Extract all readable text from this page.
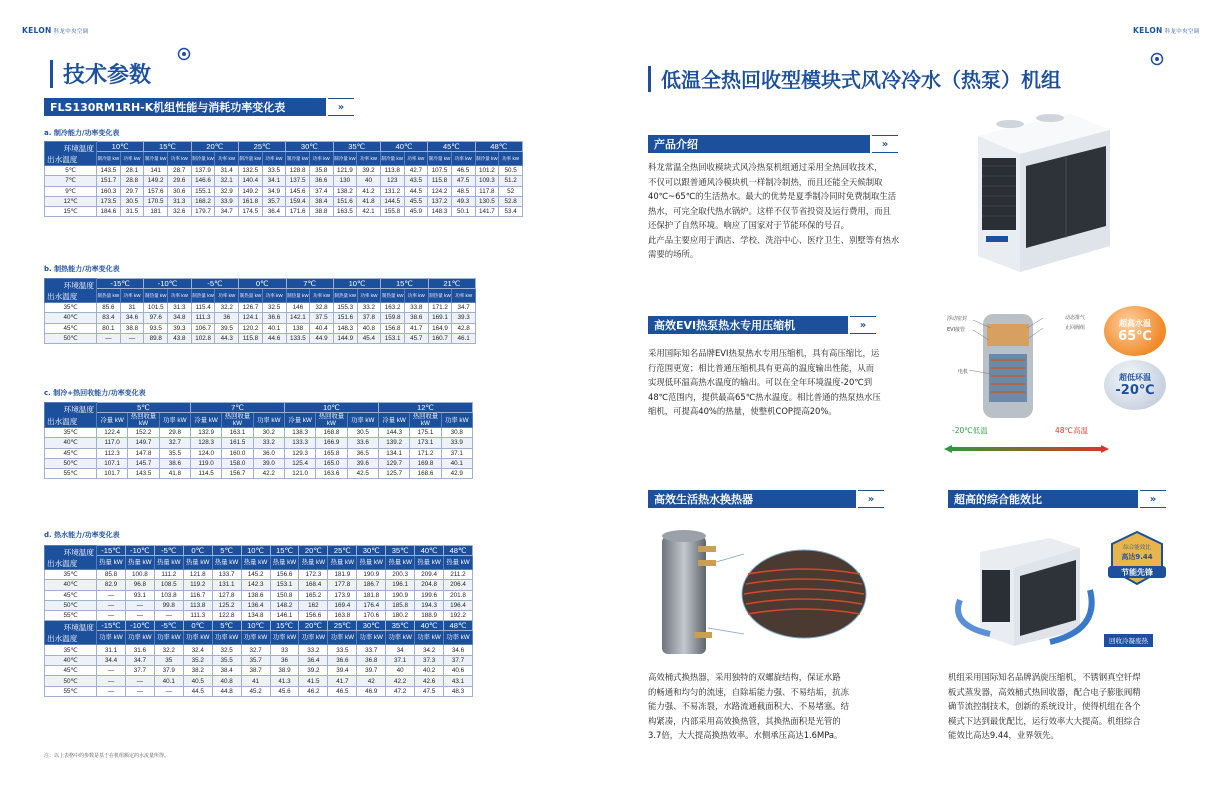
KELON 科龙中央空调	KELON 科龙中央空调
技术参数
FLS130RM1RH-K机组性能与消耗功率变化表	»
a. 制冷能力/功率变化表
环境温度
出水温度	10℃		15℃		20℃		25℃		30℃		35℃		40℃		45℃		48℃	
	制冷量 kW	功率 kW	制冷量 kW	功率 kW	制冷量 kW	功率 kW	制冷量 kW	功率 kW	制冷量 kW	功率 kW	制冷量 kW	功率 kW	制冷量 kW	功率 kW	制冷量 kW	功率 kW	制冷量 kW	功率 kW
5℃	143.5	28.1	141	28.7	137.9	31.4	132.5	33.5	128.8	35.8	121.9	39.2	113.8	42.7	107.5	46.5	101.2	50.5
7℃	151.7	28.8	149.2	29.6	146.6	32.1	140.4	34.1	137.5	36.6	130	40	123	43.5	115.8	47.5	109.3	51.2
9℃	160.3	29.7	157.6	30.6	155.1	32.9	149.2	34.9	145.6	37.4	138.2	41.2	131.2	44.5	124.2	48.5	117.8	52
12℃	173.5	30.5	170.5	31.3	168.2	33.9	161.8	35.7	159.4	38.4	151.6	41.8	144.5	45.5	137.2	49.3	130.5	52.8
15℃	184.6	31.5	181	32.6	179.7	34.7	174.5	36.4	171.6	38.8	163.5	42.1	155.8	45.9	148.3	50.1	141.7	53.4
b. 制热能力/功率变化表
环境温度
出水温度	-15℃		-10℃		-5℃		0℃		7℃		10℃		15℃		21℃	
	制热量 kW	功率 kW	制热量 kW	功率 kW	制热量 kW	功率 kW	制热量 kW	功率 kW	制热量 kW	功率 kW	制热量 kW	功率 kW	制热量 kW	功率 kW	制热量 kW	功率 kW
35℃	85.6	31	101.5	31.3	115.4	32.2	126.7	32.5	146	32.8	155.3	33.2	163.2	33.8	171.2	34.7
40℃	83.4	34.6	97.6	34.8	111.3	36	124.1	36.6	142.1	37.5	151.6	37.8	159.8	38.6	169.1	39.3
45℃	80.1	38.8	93.5	39.3	106.7	39.5	120.2	40.1	138	40.4	148.3	40.8	156.8	41.7	164.9	42.8
50℃	—	—	89.8	43.8	102.8	44.3	115.8	44.6	133.5	44.9	144.9	45.4	153.1	45.7	160.7	46.1
c. 制冷+热回收能力/功率变化表
环境温度
出水温度	5℃			7℃			10℃			12℃		
	冷量 kW	热回收量 kW	功率 kW	冷量 kW	热回收量 kW	功率 kW	冷量 kW	热回收量 kW	功率 kW	冷量 kW	热回收量 kW	功率 kW
35℃	122.4	152.2	29.8	132.9	163.1	30.2	138.3	168.8	30.5	144.3	175.1	30.8
40℃	117.0	149.7	32.7	128.3	161.5	33.2	133.3	166.9	33.6	139.2	173.1	33.9
45℃	112.3	147.8	35.5	124.0	160.0	36.0	129.3	165.8	36.5	134.1	171.2	37.1
50℃	107.1	145.7	38.6	119.0	158.0	39.0	125.4	165.0	39.6	129.7	169.8	40.1
55℃	101.7	143.5	41.8	114.5	156.7	42.2	121.0	163.6	42.5	125.7	168.6	42.9
d. 热水能力/功率变化表
环境温度
出水温度	-15℃	-10℃	-5℃	0℃	5℃	10℃	15℃	20℃	25℃	30℃	35℃	40℃	48℃
	热量 kW	热量 kW	热量 kW	热量 kW	热量 kW	热量 kW	热量 kW	热量 kW	热量 kW	热量 kW	热量 kW	热量 kW	热量 kW
35℃	85.8	100.8	111.2	121.8	133.7	145.2	156.6	172.3	181.9	190.9	200.3	209.4	211.2
40℃	82.9	96.8	108.5	119.2	131.1	142.3	153.1	168.4	177.8	186.7	196.1	204.8	206.4
45℃	—	93.1	103.8	116.7	127.8	138.6	150.8	165.2	173.9	181.8	190.9	199.6	201.8
50℃	—	—	99.8	113.8	125.2	136.4	148.2	162	169.4	176.4	185.8	194.3	196.4
55℃	—	—	—	111.3	122.8	134.8	146.1	156.6	163.8	170.6	180.2	188.9	192.2

环境温度
出水温度	-15℃	-10℃	-5℃	0℃	5℃	10℃	15℃	20℃	25℃	30℃	35℃	40℃	48℃
	功率 kW	功率 kW	功率 kW	功率 kW	功率 kW	功率 kW	功率 kW	功率 kW	功率 kW	功率 kW	功率 kW	功率 kW	功率 kW
35℃	31.1	31.6	32.2	32.4	32.5	32.7	33	33.2	33.5	33.7	34	34.2	34.6
40℃	34.4	34.7	35	35.2	35.5	35.7	36	36.4	36.6	36.8	37.1	37.3	37.7
45℃	—	37.7	37.9	38.2	38.4	38.7	38.9	39.2	39.4	39.7	40	40.2	40.6
50℃	—	—	40.1	40.5	40.8	41	41.3	41.5	41.7	42	42.2	42.6	43.1
55℃	—	—	—	44.5	44.8	45.2	45.6	46.2	46.5	46.9	47.2	47.5	48.3
注：以上表格中的参数是基于在机组额定的水流量所得。
低温全热回收型模块式风冷冷水（热泵）机组
产品介绍	»
科龙常温全热回收模块式风冷热泵机组通过采用全热回收技术，
不仅可以跟普通风冷模块机一样制冷制热，而且还能全天候制取
40℃~65℃的生活热水。最大的优势是夏季制冷同时免费制取生活
热水，可完全取代热水锅炉。这样不仅节省投资及运行费用，而且
还保护了自然环境。响应了国家对于节能环保的号召。
此产品主要应用于酒店、学校、洗浴中心、医疗卫生、别墅等有热水
需要的场所。
高效EVI热泵热水专用压缩机	»
采用国际知名品牌EVI热泵热水专用压缩机，具有高压缩比，运
行范围更宽；相比普通压缩机具有更高的温度输出性能，从而
实现低环温高热水温度的输出。可以在全年环境温度-20℃到
48℃范围内，提供最高65℃热水温度。相比普通的热泵热水压
缩机，可提高40%的热量，使整机COP提高20%。
浮动密封
EVI接管
电机
动态排气
止回阀组	超高水温
65℃
超低环温
-20℃
-20℃低温	48℃高温
高效生活热水换热器	»
高效桶式换热器，采用独特的双螺旋结构，保证水路
的畅通和均匀的流速，自除垢能力强、不易结垢，抗冻
能力强、不易冻裂，水路流通截面积大、不易堵塞。结
构紧凑，内部采用高效换热管，其换热面积是光管的
3.7倍，大大提高换热效率。水侧承压高达1.6MPa。
超高的综合能效比	»
综合能效比
高达9.44
节能先锋
回收冷凝废热
机组采用国际知名品牌涡旋压缩机，不锈钢真空钎焊
板式蒸发器，高效桶式热回收器，配合电子膨胀阀精
确节流控制技术，创新的系统设计，使得机组在各个
模式下达到最优配比，运行效率大大提高。机组综合
能效比高达9.44，业界领先。
